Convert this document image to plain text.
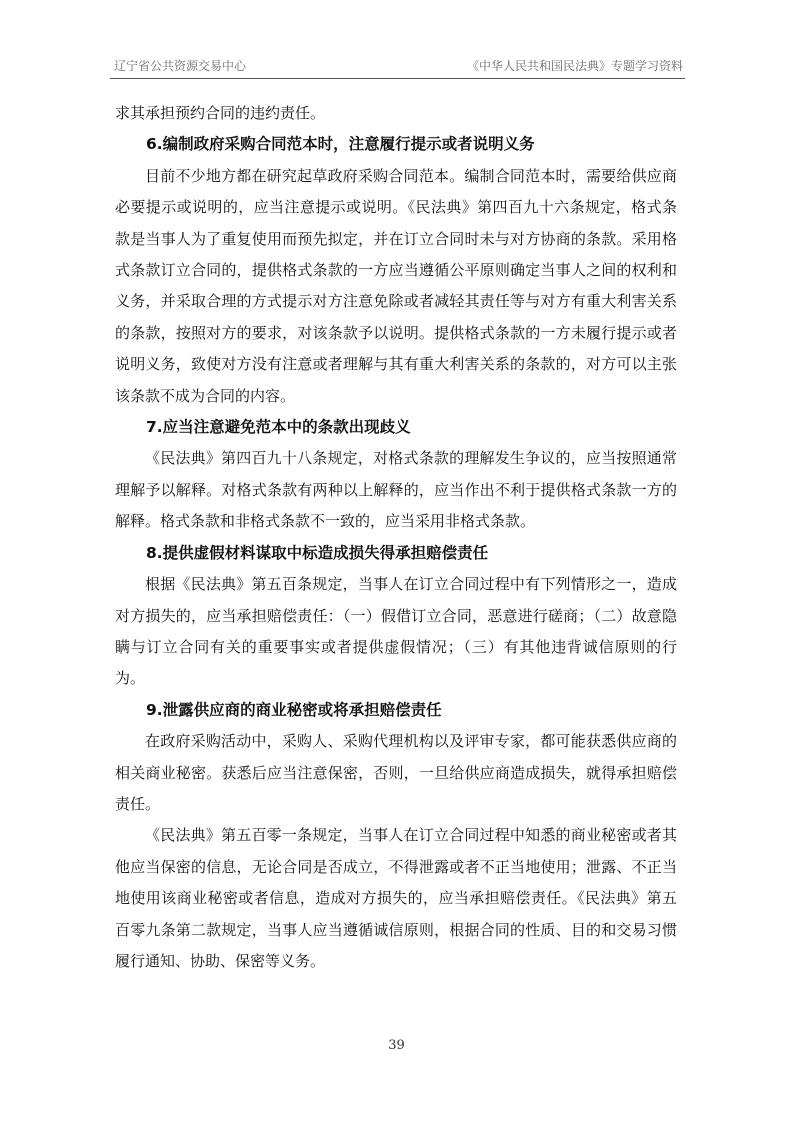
辽宁省公共资源交易中心	《中华人民共和国民法典》专题学习资料

求其承担预约合同的违约责任。

6.编制政府采购合同范本时，注意履行提示或者说明义务

目前不少地方都在研究起草政府采购合同范本。编制合同范本时，需要给供应商必要提示或说明的，应当注意提示或说明。《民法典》第四百九十六条规定，格式条款是当事人为了重复使用而预先拟定，并在订立合同时未与对方协商的条款。采用格式条款订立合同的，提供格式条款的一方应当遵循公平原则确定当事人之间的权利和义务，并采取合理的方式提示对方注意免除或者减轻其责任等与对方有重大利害关系的条款，按照对方的要求，对该条款予以说明。提供格式条款的一方未履行提示或者说明义务，致使对方没有注意或者理解与其有重大利害关系的条款的，对方可以主张该条款不成为合同的内容。

7.应当注意避免范本中的条款出现歧义

《民法典》第四百九十八条规定，对格式条款的理解发生争议的，应当按照通常理解予以解释。对格式条款有两种以上解释的，应当作出不利于提供格式条款一方的解释。格式条款和非格式条款不一致的，应当采用非格式条款。

8.提供虚假材料谋取中标造成损失得承担赔偿责任

根据《民法典》第五百条规定，当事人在订立合同过程中有下列情形之一，造成对方损失的，应当承担赔偿责任：（一）假借订立合同，恶意进行磋商；（二）故意隐瞒与订立合同有关的重要事实或者提供虚假情况；（三）有其他违背诚信原则的行为。

9.泄露供应商的商业秘密或将承担赔偿责任

在政府采购活动中，采购人、采购代理机构以及评审专家，都可能获悉供应商的相关商业秘密。获悉后应当注意保密，否则，一旦给供应商造成损失，就得承担赔偿责任。

《民法典》第五百零一条规定，当事人在订立合同过程中知悉的商业秘密或者其他应当保密的信息，无论合同是否成立，不得泄露或者不正当地使用；泄露、不正当地使用该商业秘密或者信息，造成对方损失的，应当承担赔偿责任。《民法典》第五百零九条第二款规定，当事人应当遵循诚信原则，根据合同的性质、目的和交易习惯履行通知、协助、保密等义务。

39
